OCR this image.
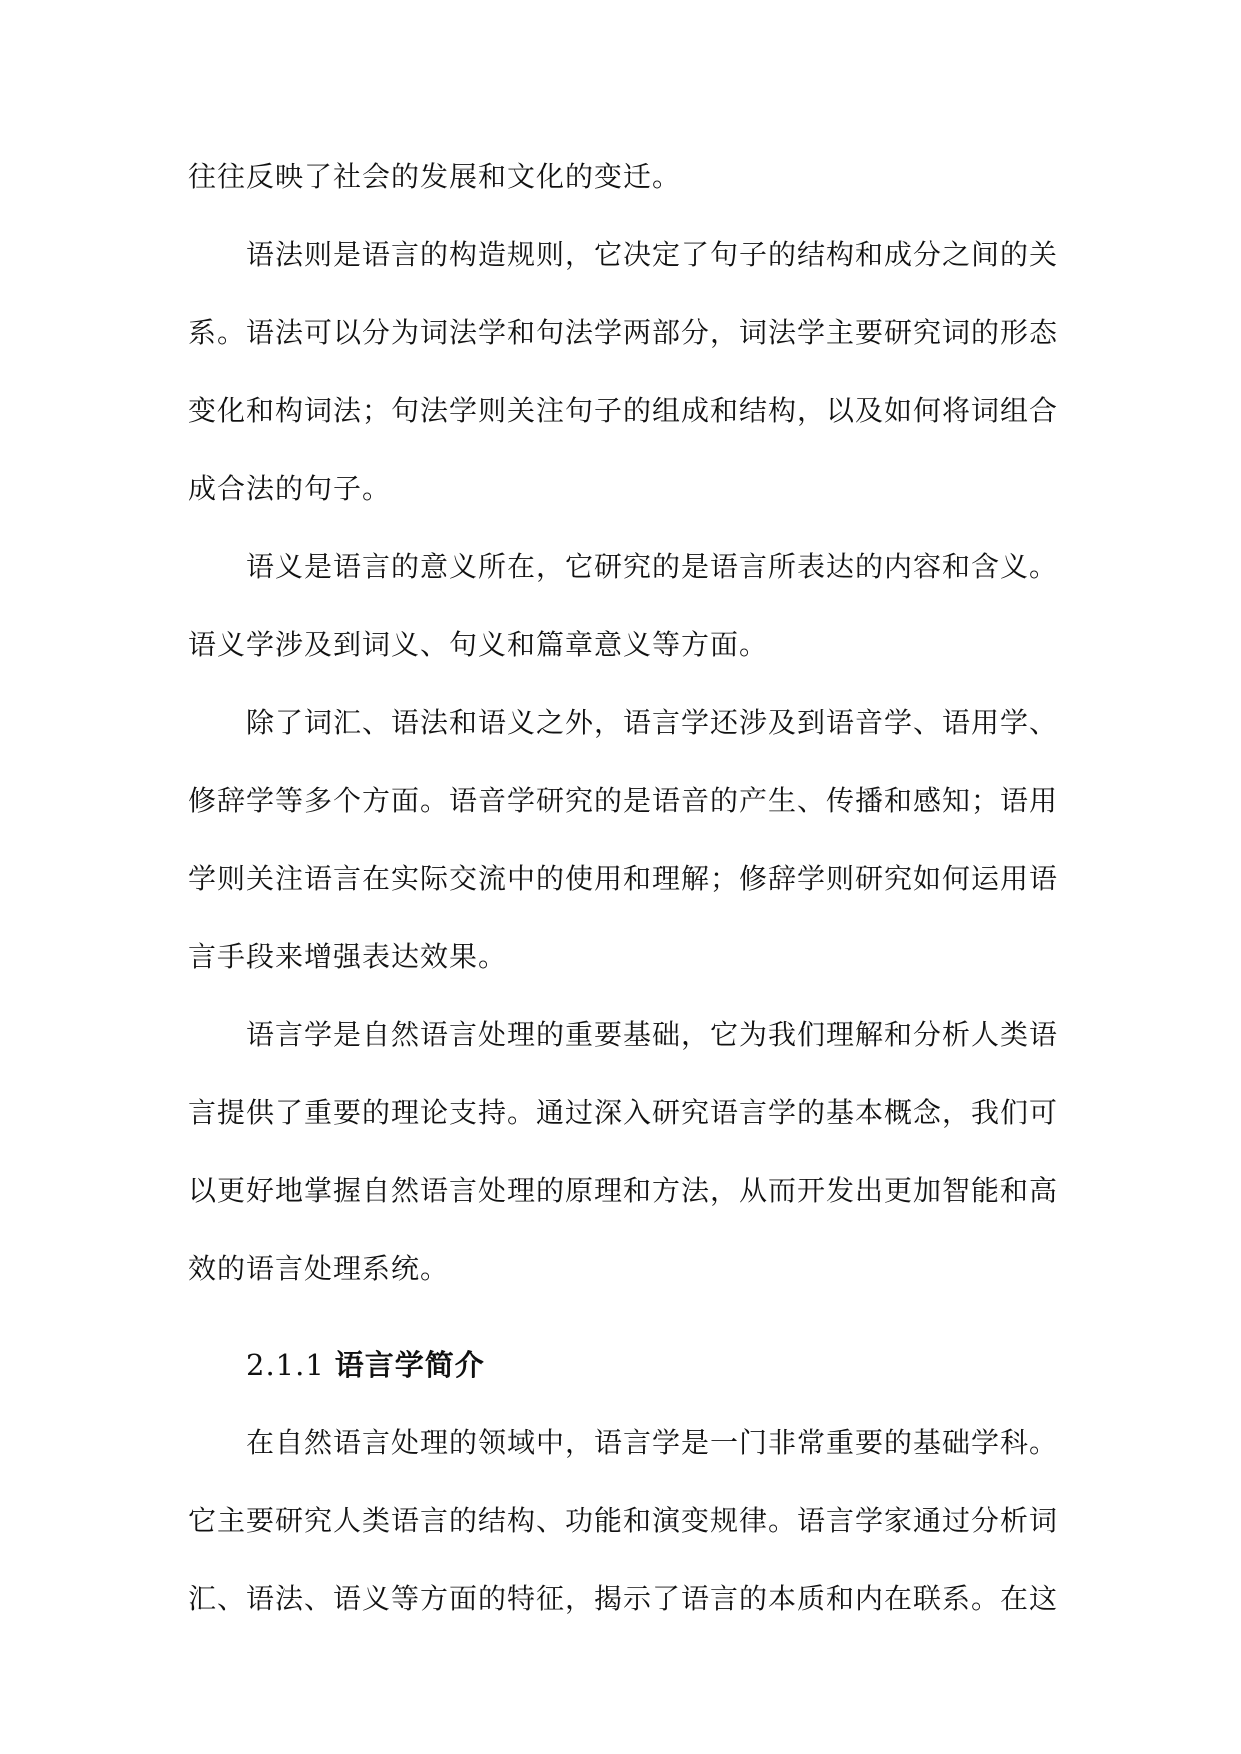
往往反映了社会的发展和文化的变迁。
语法则是语言的构造规则，它决定了句子的结构和成分之间的关
系。语法可以分为词法学和句法学两部分，词法学主要研究词的形态
变化和构词法；句法学则关注句子的组成和结构，以及如何将词组合
成合法的句子。
语义是语言的意义所在，它研究的是语言所表达的内容和含义。
语义学涉及到词义、句义和篇章意义等方面。
除了词汇、语法和语义之外，语言学还涉及到语音学、语用学、
修辞学等多个方面。语音学研究的是语音的产生、传播和感知；语用
学则关注语言在实际交流中的使用和理解；修辞学则研究如何运用语
言手段来增强表达效果。
语言学是自然语言处理的重要基础，它为我们理解和分析人类语
言提供了重要的理论支持。通过深入研究语言学的基本概念，我们可
以更好地掌握自然语言处理的原理和方法，从而开发出更加智能和高
效的语言处理系统。
2.1.1 语言学简介
在自然语言处理的领域中，语言学是一门非常重要的基础学科。
它主要研究人类语言的结构、功能和演变规律。语言学家通过分析词
汇、语法、语义等方面的特征，揭示了语言的本质和内在联系。在这
